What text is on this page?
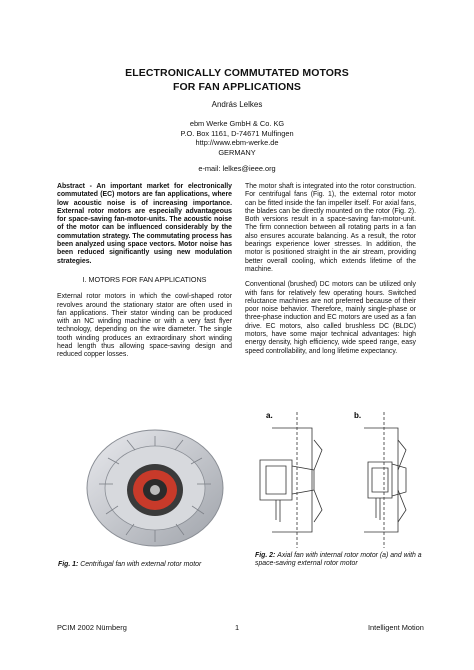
ELECTRONICALLY COMMUTATED MOTORS
FOR FAN APPLICATIONS
András Lelkes
ebm Werke GmbH & Co. KG
P.O. Box 1161, D-74671 Mulfingen
http://www.ebm-werke.de
GERMANY
e-mail: lelkes@ieee.org

Abstract - An important market for electronically commutated (EC) motors are fan applications, where low acoustic noise is of increasing importance. External rotor motors are especially advantageous for space-saving fan-motor-units. The acoustic noise of the motor can be influenced considerably by the commutation strategy. The commutating process has been analyzed using space vectors. Motor noise has been reduced significantly using new modulation strategies.

I. MOTORS FOR FAN APPLICATIONS

External rotor motors in which the cowl-shaped rotor revolves around the stationary stator are often used in fan applications. Their stator winding can be produced with an NC winding machine or with a very fast flyer technology, depending on the wire diameter. The single tooth winding produces an extraordinary short winding head length thus allowing space-saving design and reduced copper losses.

The motor shaft is integrated into the rotor construction. For centrifugal fans (Fig. 1), the external rotor motor can be fitted inside the fan impeller itself. For axial fans, the blades can be directly mounted on the rotor (Fig. 2). Both versions result in a space-saving fan-motor-unit. The firm connection between all rotating parts in a fan also ensures accurate balancing. As a result, the rotor bearings experience lower stresses. In addition, the motor is positioned straight in the air stream, providing better overall cooling, which extends lifetime of the machine.

Conventional (brushed) DC motors can be utilized only with fans for relatively few operating hours. Switched reluctance machines are not preferred because of their poor noise behavior. Therefore, mainly single-phase or three-phase induction and EC motors are used as a fan drive. EC motors, also called brushless DC (BLDC) motors, have some major technical advantages: high energy density, high efficiency, wide speed range, easy speed controllability, and long lifetime expectancy.

Fig. 1: Centrifugal fan with external rotor motor
a.	b.
Fig. 2: Axial fan with internal rotor motor (a) and with a space-saving external rotor motor
PCIM 2002 Nürnberg	1	Intelligent Motion
